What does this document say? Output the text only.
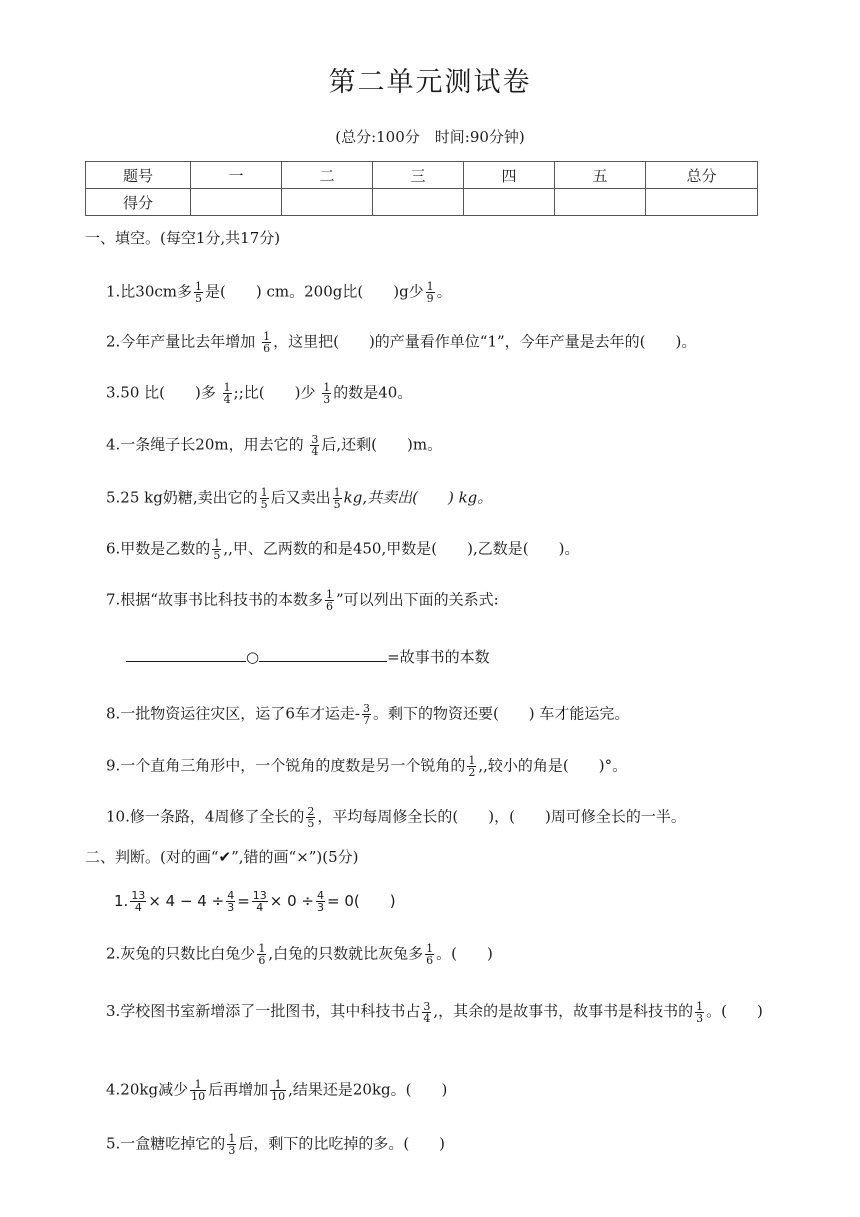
第二单元测试卷
(总分:100分　时间:90分钟)
题号	一	二	三	四	五	总分
得分						
一、填空。(每空1分,共17分)
1.比30cm多 $\frac{1}{5}$ 是(　　) cm。200g比(　　)g少 $\frac{1}{9}$ 。
2.今年产量比去年增加 $\frac{1}{6}$ ，这里把(　　)的产量看作单位“1”，今年产量是去年的(　　)。
3.50 比(　　)多 $\frac{1}{4}$ ;;比(　　)少 $\frac{1}{3}$ 的数是40。
4.一条绳子长20m，用去它的 $\frac{3}{4}$ 后,还剩(　　)m。
5.25 kg奶糖,卖出它的 $\frac{1}{5}$ 后又卖出 $\frac{1}{5}$ kg,共卖出(　　) kg。
6.甲数是乙数的 $\frac{1}{5}$ ,,甲、乙两数的和是450,甲数是(　　),乙数是(　　)。
7.根据“故事书比科技书的本数多 $\frac{1}{6}$ ”可以列出下面的关系式:
○	=故事书的本数
8.一批物资运往灾区，运了6车才运走- $\frac{3}{7}$ 。剩下的物资还要(　　) 车才能运完。
9.一个直角三角形中，一个锐角的度数是另一个锐角的 $\frac{1}{2}$ ,,较小的角是(　　)°。
10.修一条路，4周修了全长的 $\frac{2}{5}$ ，平均每周修全长的(　　)，(　　)周可修全长的一半。
二、判断。(对的画“✔”,错的画“×”)(5分)
1. $\frac{13}{4} \times 4 - 4 \div \frac{4}{3} = \frac{13}{4} \times 0 \div \frac{4}{3} = 0$(　　)
2.灰兔的只数比白兔少 $\frac{1}{6}$ ,白兔的只数就比灰兔多 $\frac{1}{6}$ 。(　　)
3.学校图书室新增添了一批图书，其中科技书占 $\frac{3}{4}$ ,，其余的是故事书，故事书是科技书的 $\frac{1}{3}$ 。(　　)
4.20kg减少 $\frac{1}{10}$ 后再增加 $\frac{1}{10}$ ,结果还是20kg。(　　)
5.一盒糖吃掉它的 $\frac{1}{3}$ 后，剩下的比吃掉的多。(　　)
